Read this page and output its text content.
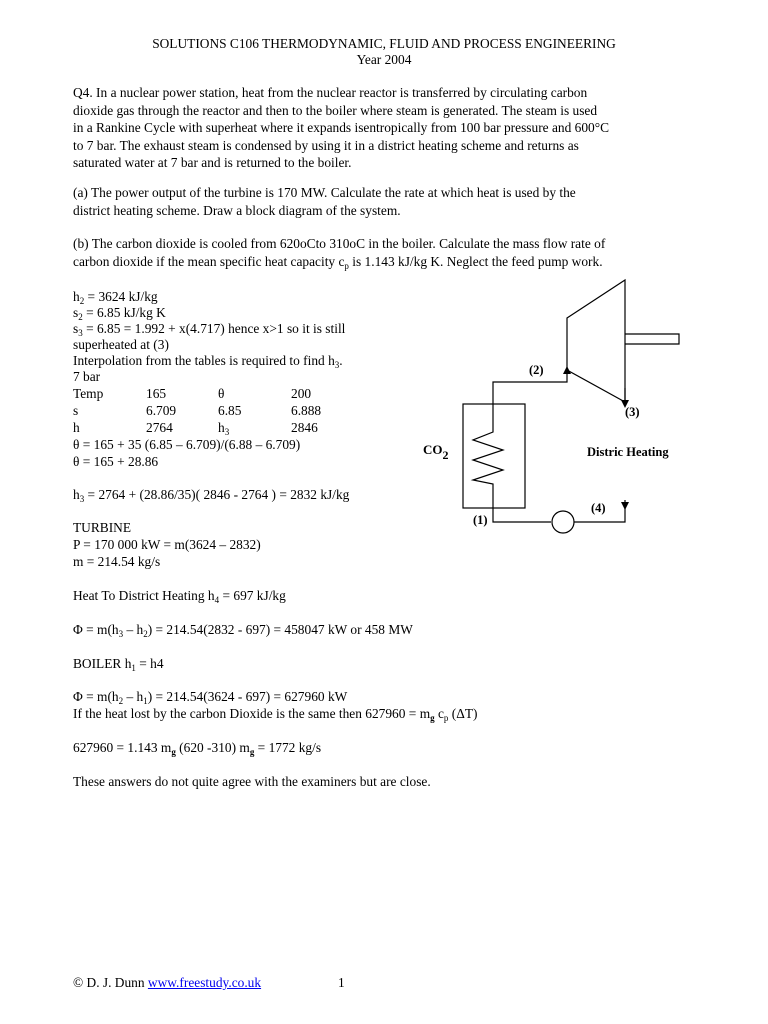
SOLUTIONS C106 THERMODYNAMIC, FLUID AND PROCESS ENGINEERING
Year 2004
Q4. In a nuclear power station, heat from the nuclear reactor is transferred by circulating carbon
dioxide gas through the reactor and then to the boiler where steam is generated. The steam is used
in a Rankine Cycle with superheat where it expands isentropically from 100 bar pressure and 600°C
to 7 bar. The exhaust steam is condensed by using it in a district heating scheme and returns as
saturated water at 7 bar and is returned to the boiler.
(a) The power output of the turbine is 170 MW. Calculate the rate at which heat is used by the
district heating scheme. Draw a block diagram of the system.
(b) The carbon dioxide is cooled from 620oCto 310oC in the boiler. Calculate the mass flow rate of
carbon dioxide if the mean specific heat capacity $c_p$ is 1.143 kJ/kg K. Neglect the feed pump work.
$h_2 = 3624$ kJ/kg
$s_2 = 6.85$ kJ/kg K
$s_3 = 6.85 = 1.992 + x(4.717)$ hence x>1 so it is still
superheated at (3)
Interpolation from the tables is required to find $h_3$.
7 bar
Temp	165	θ	200
s	6.709	6.85	6.888
h	2764	$h_3$	2846
θ = 165 + 35 (6.85 – 6.709)/(6.88 – 6.709)
θ = 165 + 28.86
$h_3 = 2764 + (28.86/35)$( 2846 - 2764 ) = 2832 kJ/kg
TURBINE
P = 170 000 kW = m(3624 – 2832)
m = 214.54 kg/s
Heat To District Heating $h_4 = 697$ kJ/kg
$\Phi = m(h_3 - h_2) = 214.54(2832 - 697) = 458047$ kW or 458 MW
BOILER $h_1 = h4$
$\Phi = m(h_2 - h_1) = 214.54(3624 - 697) = 627960$ kW
If the heat lost by the carbon Dioxide is the same then $627960 = m_g$ $c_p$ (ΔT)
627960 = 1.143 $m_g$ (620 -310) $m_g = 1772$ kg/s
These answers do not quite agree with the examiners but are close.
(2)
(3)
(1)
(4)
CO2	Distric Heating
© D. J. Dunn www.freestudy.co.uk	1
